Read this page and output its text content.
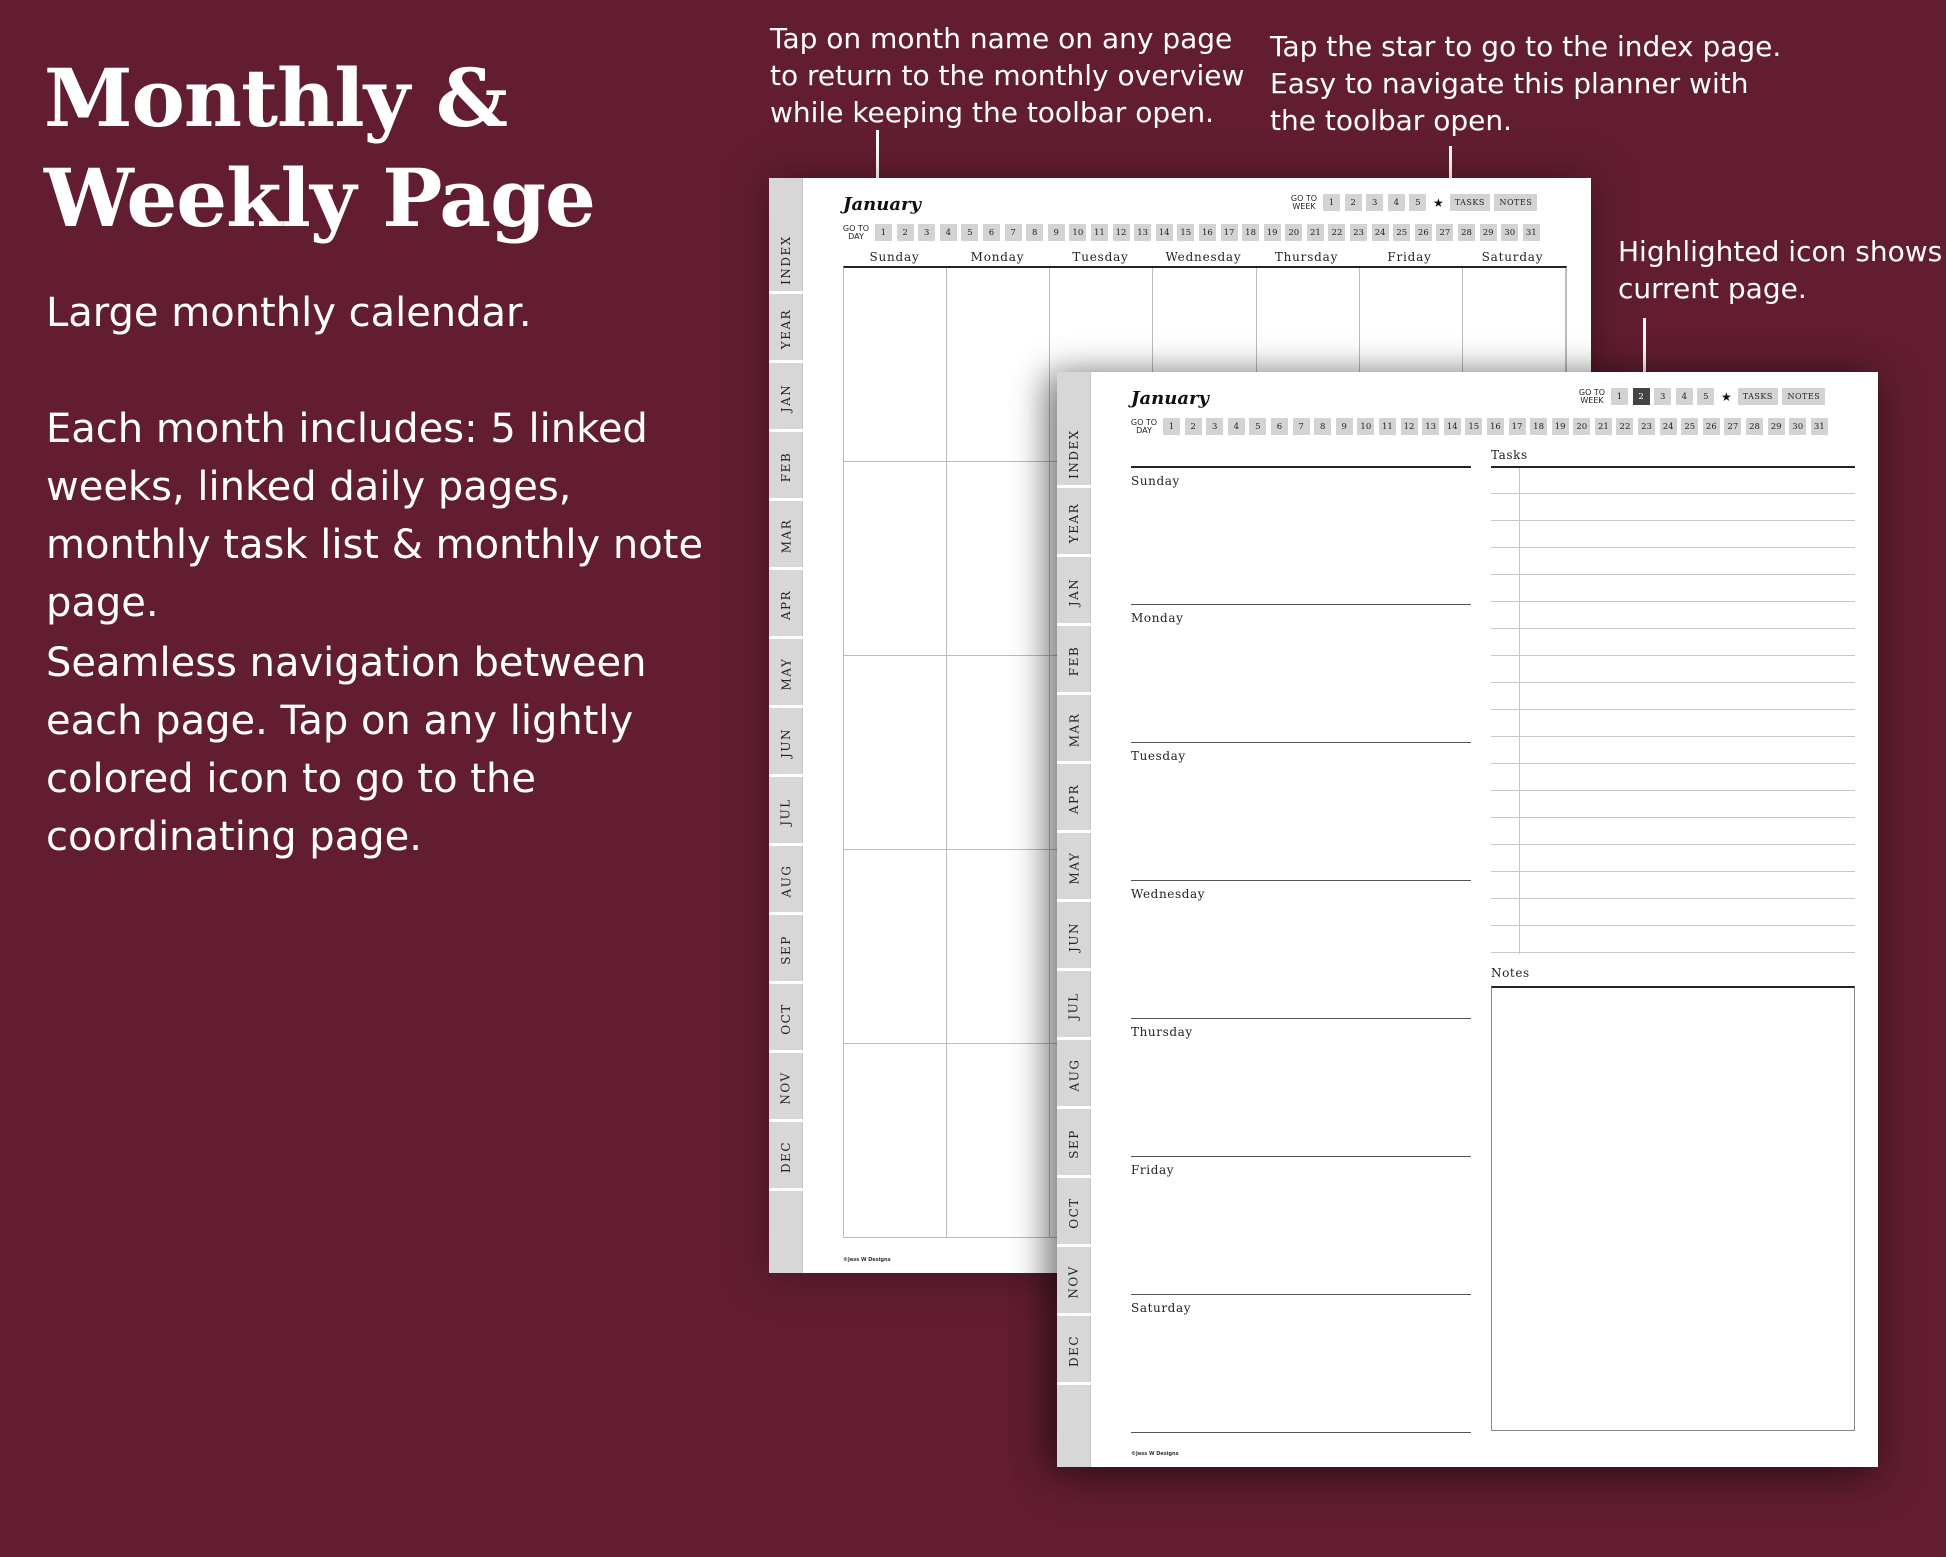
Monthly &
Weekly Page
Large monthly calendar.
Each month includes: 5 linked weeks, linked daily pages, monthly task list & monthly note page.
Seamless navigation between each page. Tap on any lightly colored icon to go to the coordinating page.
Tap on month name on any page
to return to the monthly overview
while keeping the toolbar open.
Tap the star to go to the index page.
Easy to navigate this planner with
the toolbar open.
Highlighted icon shows
current page.
INDEX
YEAR
JAN
FEB
MAR
APR
MAY
JUN
JUL
AUG
SEP
OCT
NOV
DEC
January	GO TO
WEEK	1	2	3	4	5	★	TASKS	NOTES
GO TO
DAY	1	2	3	4	5	6	7	8	9	10	11	12	13	14	15	16	17	18	19	20	21	22	23	24	25	26	27	28	29	30	31
Sunday	Monday	Tuesday	Wednesday	Thursday	Friday	Saturday
©Jess W Designs
INDEX
YEAR
JAN
FEB
MAR
APR
MAY
JUN
JUL
AUG
SEP
OCT
NOV
DEC
January	GO TO
WEEK	1	2	3	4	5	★	TASKS	NOTES
GO TO
DAY	1	2	3	4	5	6	7	8	9	10	11	12	13	14	15	16	17	18	19	20	21	22	23	24	25	26	27	28	29	30	31
Sunday
Monday
Tuesday
Wednesday
Thursday
Friday
Saturday
Tasks
Notes
©Jess W Designs
